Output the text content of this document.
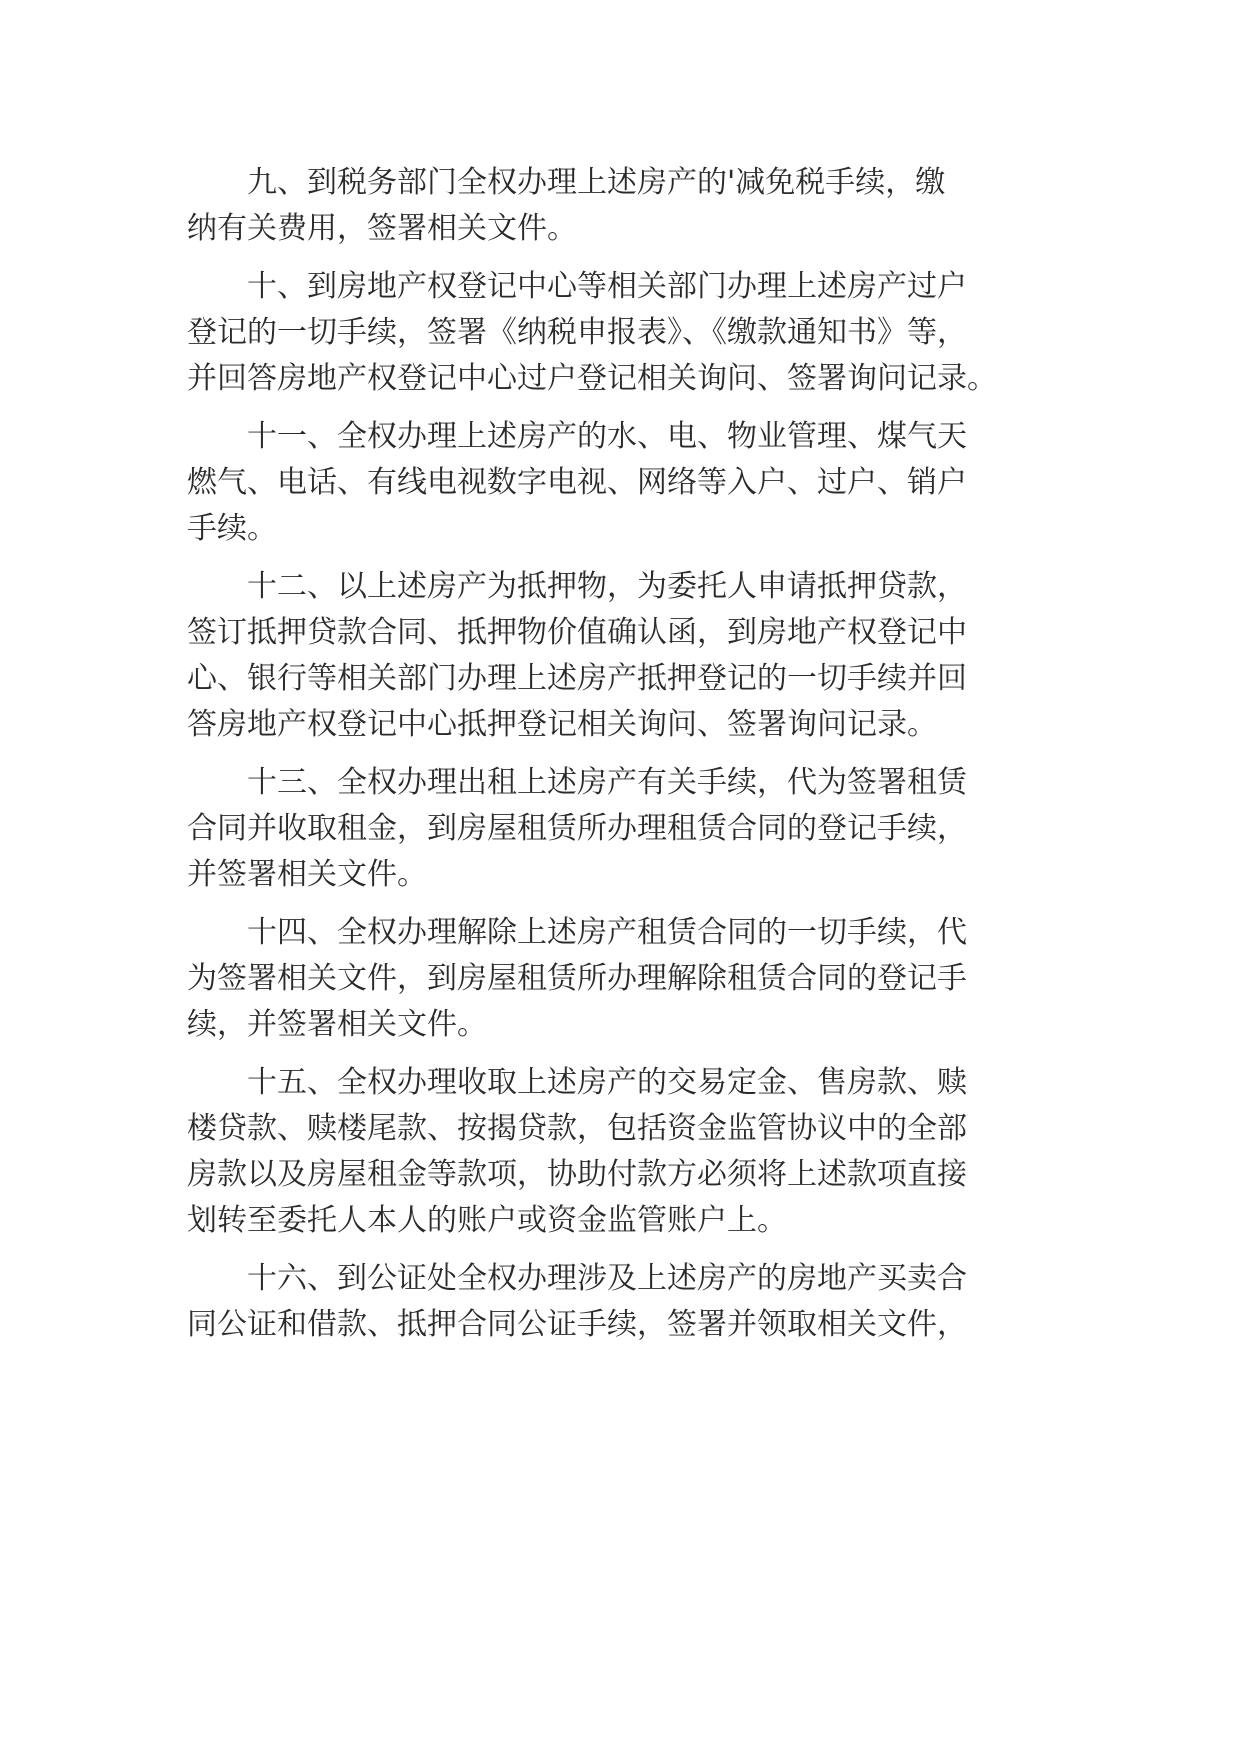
九、到税务部门全权办理上述房产的'减免税手续，缴
纳有关费用，签署相关文件。
十、到房地产权登记中心等相关部门办理上述房产过户
登记的一切手续，签署《纳税申报表》、《缴款通知书》等，
并回答房地产权登记中心过户登记相关询问、签署询问记录。
十一、全权办理上述房产的水、电、物业管理、煤气天
燃气、电话、有线电视数字电视、网络等入户、过户、销户
手续。
十二、以上述房产为抵押物，为委托人申请抵押贷款，
签订抵押贷款合同、抵押物价值确认函，到房地产权登记中
心、银行等相关部门办理上述房产抵押登记的一切手续并回
答房地产权登记中心抵押登记相关询问、签署询问记录。
十三、全权办理出租上述房产有关手续，代为签署租赁
合同并收取租金，到房屋租赁所办理租赁合同的登记手续，
并签署相关文件。
十四、全权办理解除上述房产租赁合同的一切手续，代
为签署相关文件，到房屋租赁所办理解除租赁合同的登记手
续，并签署相关文件。
十五、全权办理收取上述房产的交易定金、售房款、赎
楼贷款、赎楼尾款、按揭贷款，包括资金监管协议中的全部
房款以及房屋租金等款项，协助付款方必须将上述款项直接
划转至委托人本人的账户或资金监管账户上。
十六、到公证处全权办理涉及上述房产的房地产买卖合
同公证和借款、抵押合同公证手续，签署并领取相关文件，
